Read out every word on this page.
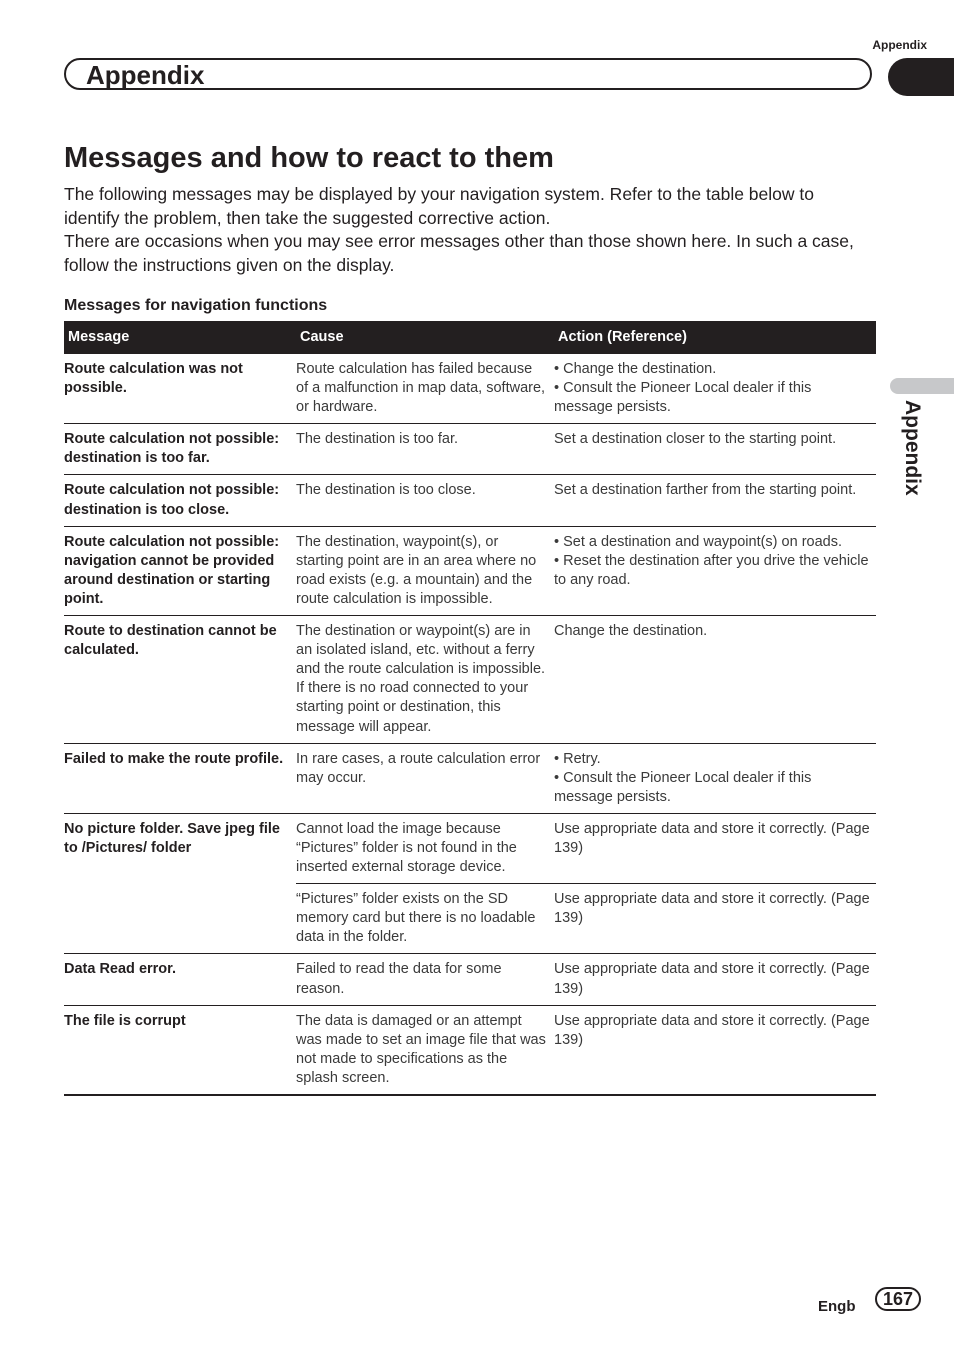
Appendix
Appendix
Appendix
Messages and how to react to them

The following messages may be displayed by your navigation system. Refer to the table below to identify the problem, then take the suggested corrective action.

There are occasions when you may see error messages other than those shown here. In such a case, follow the instructions given on the display.

Messages for navigation functions
Message	Cause	Action (Reference)
Route calculation was not possible.	Route calculation has failed because of a malfunction in map data, software, or hardware.	• Change the destination.
• Consult the Pioneer Local dealer if this message persists.

Route calculation not possible: destination is too far.	The destination is too far.	Set a destination closer to the starting point.

Route calculation not possible: destination is too close.	The destination is too close.	Set a destination farther from the starting point.

Route calculation not possible: navigation cannot be provided around destination or starting point.	The destination, waypoint(s), or starting point are in an area where no road exists (e.g. a mountain) and the route calculation is impossible.	• Set a destination and waypoint(s) on roads.
• Reset the destination after you drive the vehicle to any road.

Route to destination cannot be calculated.	The destination or waypoint(s) are in an isolated island, etc. without a ferry and the route calculation is impossible. If there is no road connected to your starting point or destination, this message will appear.	Change the destination.

Failed to make the route profile.	In rare cases, a route calculation error may occur.	• Retry.
• Consult the Pioneer Local dealer if this message persists.

No picture folder. Save jpeg file to /Pictures/ folder	Cannot load the image because “Pictures” folder is not found in the inserted external storage device.	Use appropriate data and store it correctly. (Page 139)

	“Pictures” folder exists on the SD memory card but there is no loadable data in the folder.	Use appropriate data and store it correctly. (Page 139)

Data Read error.	Failed to read the data for some reason.	Use appropriate data and store it correctly. (Page 139)

The file is corrupt	The data is damaged or an attempt was made to set an image file that was not made to specifications as the splash screen.	Use appropriate data and store it correctly. (Page 139)
Engb	167
